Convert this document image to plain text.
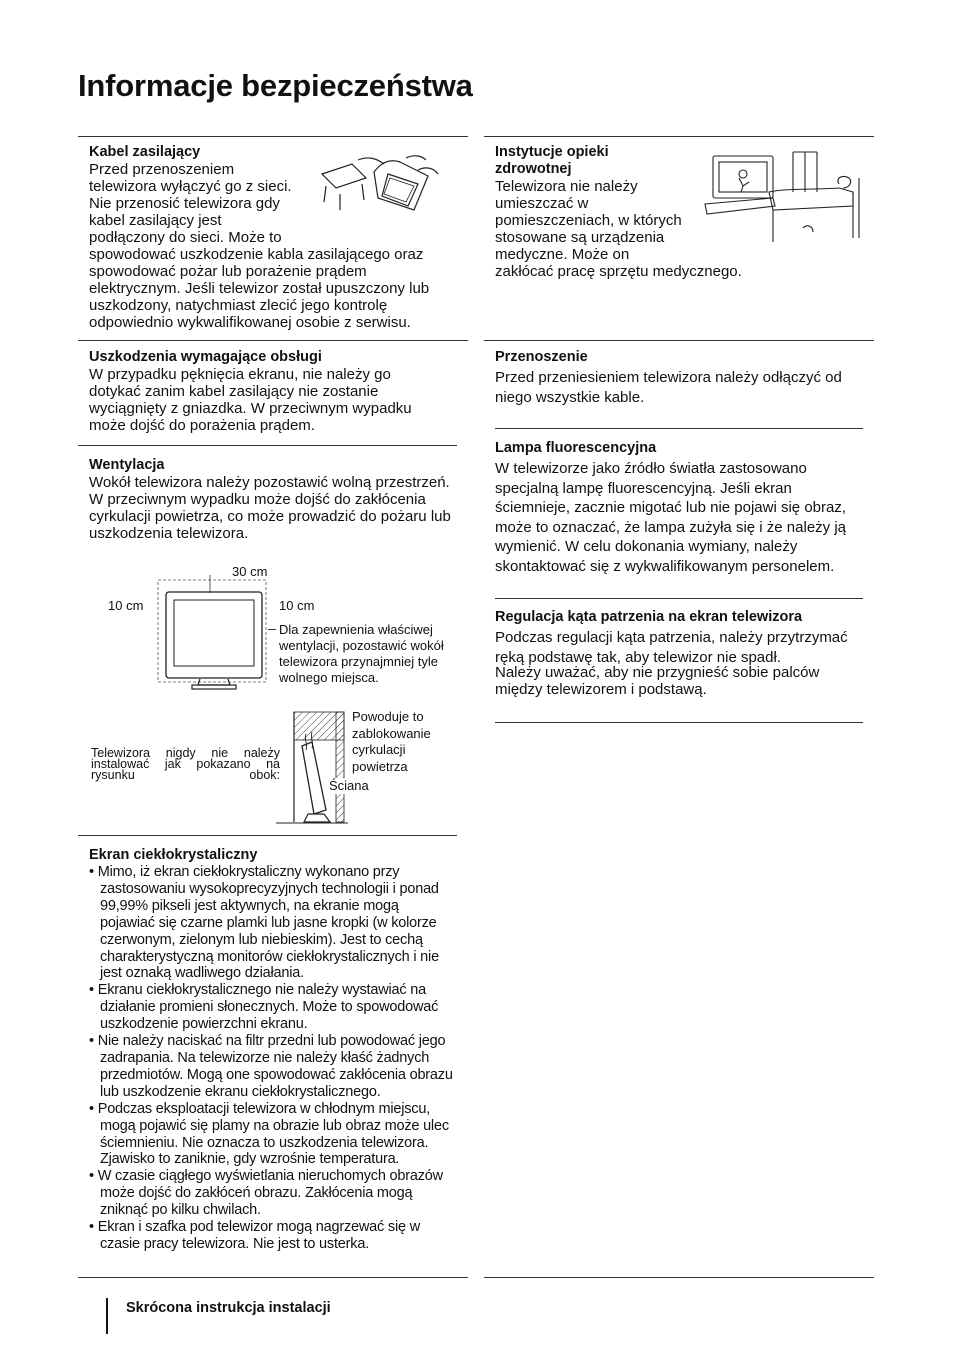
Informacje bezpieczeństwa
Kabel zasilający
Przed przenoszeniem
telewizora wyłączyć go z sieci.
Nie przenosić telewizora gdy
kabel zasilający jest
podłączony do sieci. Może to
spowodować uszkodzenie kabla zasilającego oraz spowodować pożar lub porażenie prądem elektrycznym. Jeśli telewizor został upuszczony lub uszkodzony, natychmiast zlecić jego kontrolę odpowiednio wykwalifikowanej osobie z serwisu.
Uszkodzenia wymagające obsługi
W przypadku pęknięcia ekranu, nie należy go dotykać zanim kabel zasilający nie zostanie wyciągnięty z gniazdka. W przeciwnym wypadku może dojść do porażenia prądem.
Wentylacja
Wokół telewizora należy pozostawić wolną przestrzeń. W przeciwnym wypadku może dojść do zakłócenia cyrkulacji powietrza, co może prowadzić do pożaru lub uszkodzenia telewizora.
30 cm
10 cm	10 cm
Dla zapewnienia właściwej wentylacji, pozostawić wokół telewizora przynajmniej tyle wolnego miejsca.
Telewizora nigdy nie należy instalować jak pokazano na rysunku obok:
Powoduje to zablokowanie cyrkulacji powietrza
Ściana
Ekran ciekłokrystaliczny
• Mimo, iż ekran ciekłokrystaliczny wykonano przy zastosowaniu wysokoprecyzyjnych technologii i ponad 99,99% pikseli jest aktywnych, na ekranie mogą pojawiać się czarne plamki lub jasne kropki (w kolorze czerwonym, zielonym lub niebieskim). Jest to cechą charakterystyczną monitorów ciekłokrystalicznych i nie jest oznaką wadliwego działania.
• Ekranu ciekłokrystalicznego nie należy wystawiać na działanie promieni słonecznych. Może to spowodować uszkodzenie powierzchni ekranu.
• Nie należy naciskać na filtr przedni lub powodować jego zadrapania. Na telewizorze nie należy kłaść żadnych przedmiotów. Mogą one spowodować zakłócenia obrazu lub uszkodzenie ekranu ciekłokrystalicznego.
• Podczas eksploatacji telewizora w chłodnym miejscu, mogą pojawić się plamy na obrazie lub obraz może ulec ściemnieniu. Nie oznacza to uszkodzenia telewizora. Zjawisko to zaniknie, gdy wzrośnie temperatura.
• W czasie ciągłego wyświetlania nieruchomych obrazów może dojść do zakłóceń obrazu. Zakłócenia mogą zniknąć po kilku chwilach.
• Ekran i szafka pod telewizor mogą nagrzewać się w czasie pracy telewizora. Nie jest to usterka.
Instytucje opieki
zdrowotnej
Telewizora nie należy
umieszczać w
pomieszczeniach, w których
stosowane są urządzenia
medyczne. Może on
zakłócać pracę sprzętu medycznego.
Przenoszenie
Przed przeniesieniem telewizora należy odłączyć od niego wszystkie kable.
Lampa fluorescencyjna
W telewizorze jako źródło światła zastosowano specjalną lampę fluorescencyjną. Jeśli ekran ściemnieje, zacznie migotać lub nie pojawi się obraz, może to oznaczać, że lampa zużyła się i że należy ją wymienić. W celu dokonania wymiany, należy skontaktować się z wykwalifikowanym personelem.
Regulacja kąta patrzenia na ekran telewizora
Podczas regulacji kąta patrzenia, należy przytrzymać
ręką podstawę tak, aby telewizor nie spadł.
Należy uważać, aby nie przygnieść sobie palców
między telewizorem i podstawą.
Skrócona instrukcja instalacji
